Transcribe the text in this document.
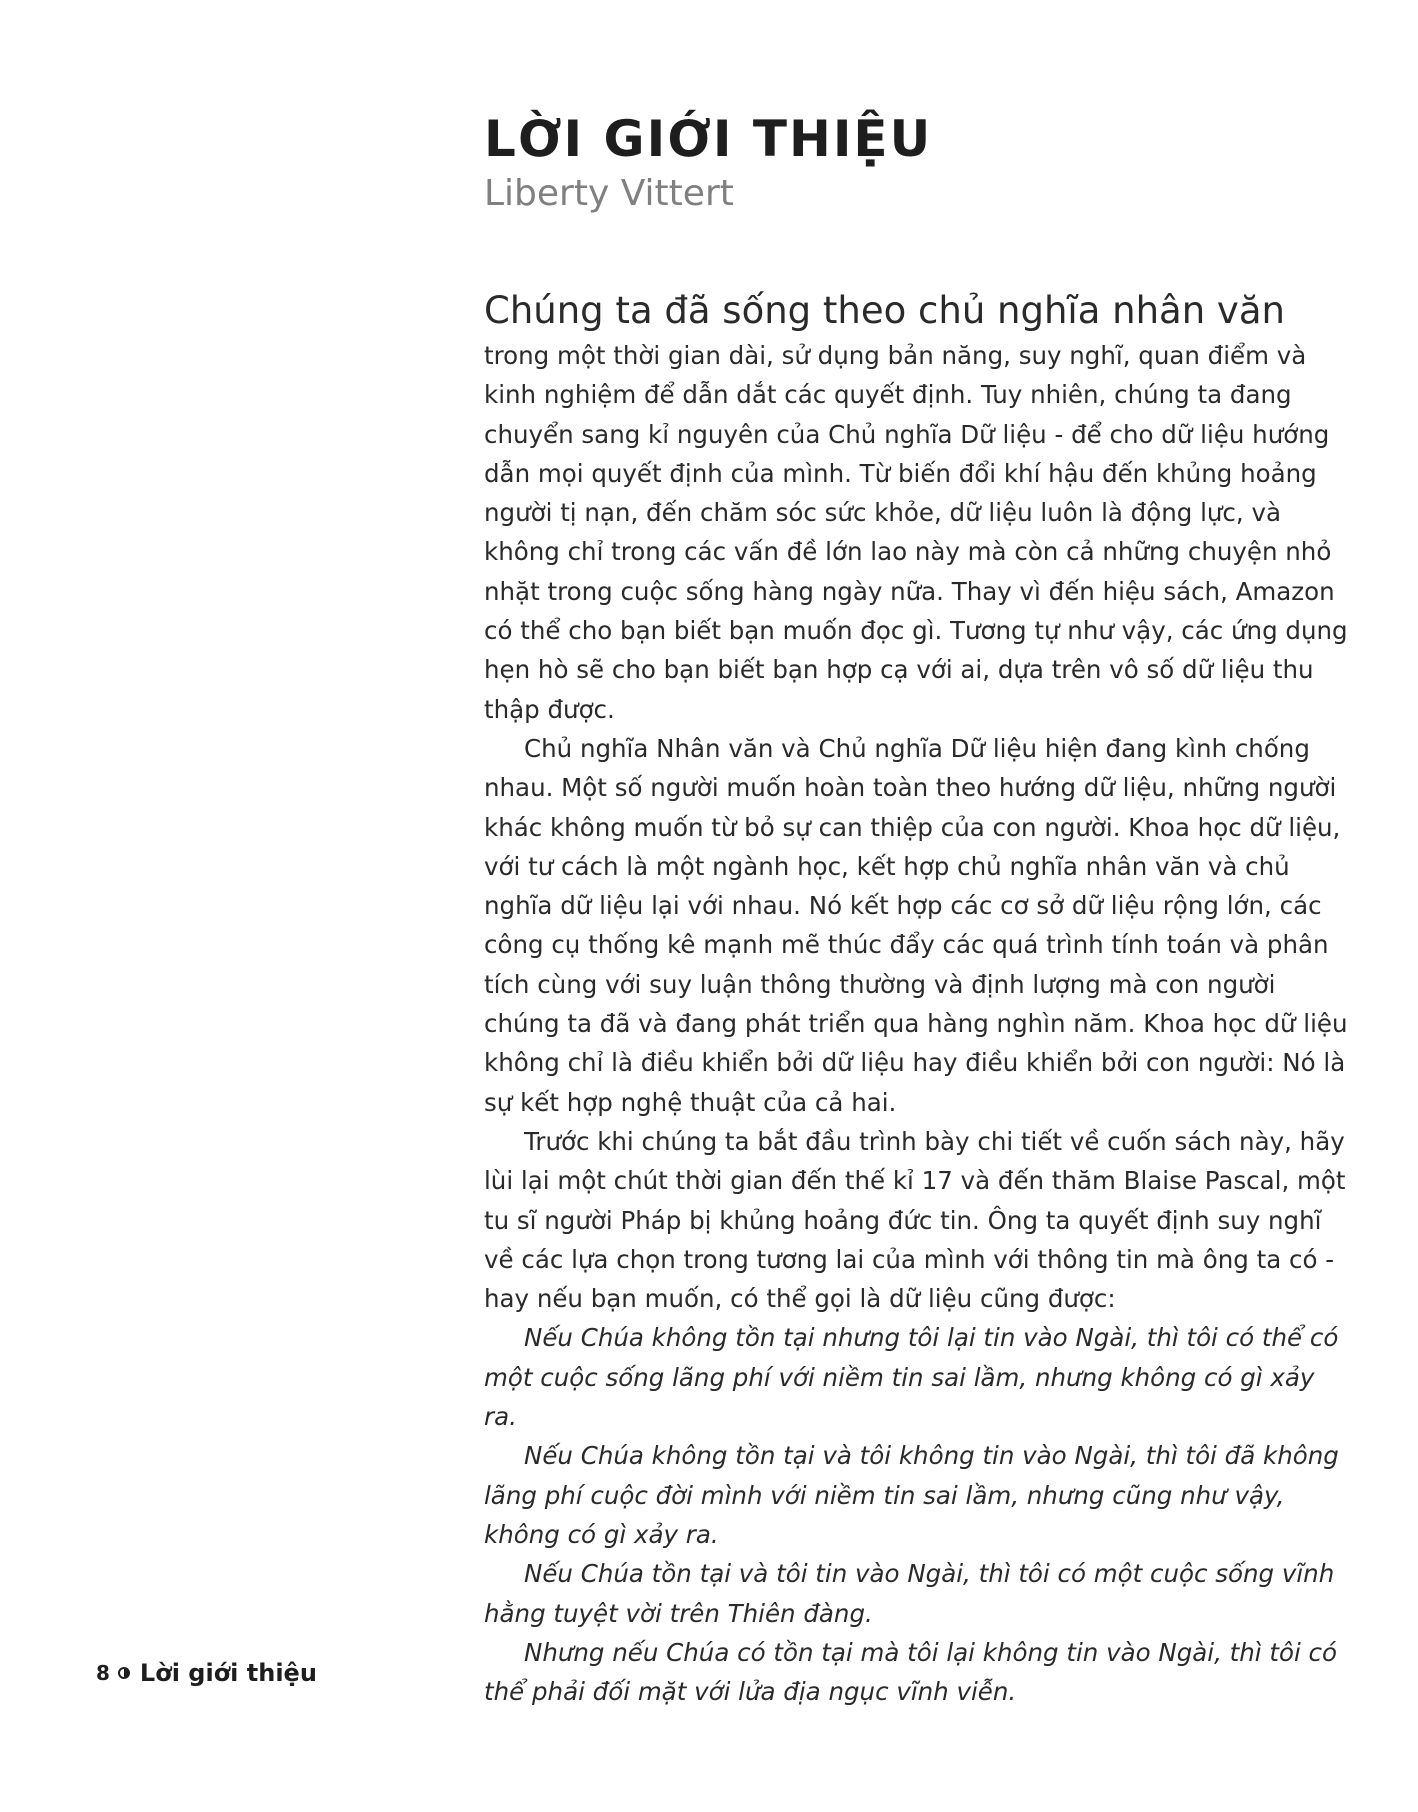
LỜI GIỚI THIỆU

Liberty Vittert

Chúng ta đã sống theo chủ nghĩa nhân văn
trong một thời gian dài, sử dụng bản năng, suy nghĩ, quan điểm và kinh nghiệm để dẫn dắt các quyết định. Tuy nhiên, chúng ta đang chuyển sang kỉ nguyên của Chủ nghĩa Dữ liệu - để cho dữ liệu hướng dẫn mọi quyết định của mình. Từ biến đổi khí hậu đến khủng hoảng người tị nạn, đến chăm sóc sức khỏe, dữ liệu luôn là động lực, và không chỉ trong các vấn đề lớn lao này mà còn cả những chuyện nhỏ nhặt trong cuộc sống hàng ngày nữa. Thay vì đến hiệu sách, Amazon có thể cho bạn biết bạn muốn đọc gì. Tương tự như vậy, các ứng dụng hẹn hò sẽ cho bạn biết bạn hợp cạ với ai, dựa trên vô số dữ liệu thu thập được.

Chủ nghĩa Nhân văn và Chủ nghĩa Dữ liệu hiện đang kình chống nhau. Một số người muốn hoàn toàn theo hướng dữ liệu, những người khác không muốn từ bỏ sự can thiệp của con người. Khoa học dữ liệu, với tư cách là một ngành học, kết hợp chủ nghĩa nhân văn và chủ nghĩa dữ liệu lại với nhau. Nó kết hợp các cơ sở dữ liệu rộng lớn, các công cụ thống kê mạnh mẽ thúc đẩy các quá trình tính toán và phân tích cùng với suy luận thông thường và định lượng mà con người chúng ta đã và đang phát triển qua hàng nghìn năm. Khoa học dữ liệu không chỉ là điều khiển bởi dữ liệu hay điều khiển bởi con người: Nó là sự kết hợp nghệ thuật của cả hai.

Trước khi chúng ta bắt đầu trình bày chi tiết về cuốn sách này, hãy lùi lại một chút thời gian đến thế kỉ 17 và đến thăm Blaise Pascal, một tu sĩ người Pháp bị khủng hoảng đức tin. Ông ta quyết định suy nghĩ về các lựa chọn trong tương lai của mình với thông tin mà ông ta có - hay nếu bạn muốn, có thể gọi là dữ liệu cũng được:

Nếu Chúa không tồn tại nhưng tôi lại tin vào Ngài, thì tôi có thể có một cuộc sống lãng phí với niềm tin sai lầm, nhưng không có gì xảy ra.

Nếu Chúa không tồn tại và tôi không tin vào Ngài, thì tôi đã không lãng phí cuộc đời mình với niềm tin sai lầm, nhưng cũng như vậy, không có gì xảy ra.

Nếu Chúa tồn tại và tôi tin vào Ngài, thì tôi có một cuộc sống vĩnh hằng tuyệt vời trên Thiên đàng.

Nhưng nếu Chúa có tồn tại mà tôi lại không tin vào Ngài, thì tôi có thể phải đối mặt với lửa địa ngục vĩnh viễn.

8 Lời giới thiệu
